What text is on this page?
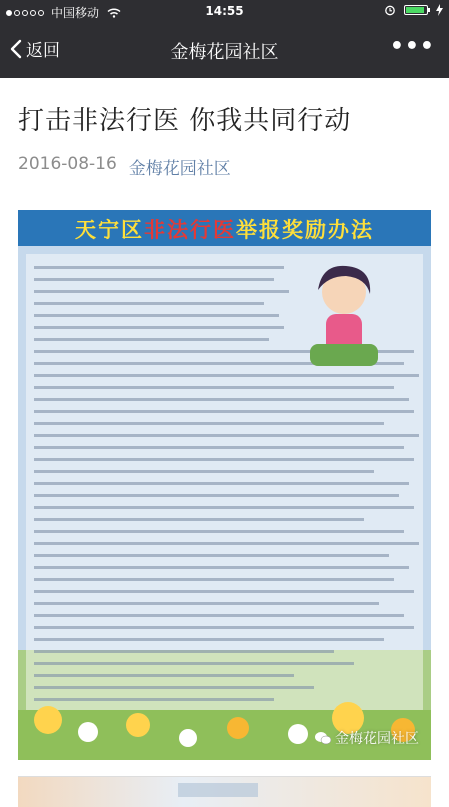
中国移动	14:55
返回	金梅花园社区	•••
打击非法行医 你我共同行动
2016-08-16 金梅花园社区
天宁区非法行医举报奖励办法
金梅花园社区
